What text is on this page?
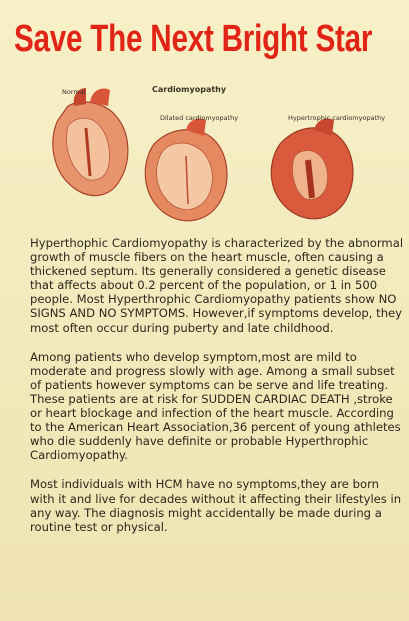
Save The Next Bright Star
Normal	Cardiomyopathy
Dilated cardiomyopathy	Hypertrophic cardiomyopathy

Hyperthophic Cardiomyopathy is characterized by the abnormal growth of muscle fibers on the heart muscle, often causing a thickened septum. Its generally considered a genetic disease that affects about 0.2 percent of the population, or 1 in 500 people. Most Hyperthrophic Cardiomyopathy patients show NO SIGNS AND NO SYMPTOMS. However,if symptoms develop, they most often occur during puberty and late childhood.

Among patients who develop symptom,most are mild to moderate and progress slowly with age. Among a small subset of patients however symptoms can be serve and life treating. These patients are at risk for SUDDEN CARDIAC DEATH ,stroke or heart blockage and infection of the heart muscle. According to the American Heart Association,36 percent of young athletes who die suddenly have definite or probable Hyperthrophic Cardiomyopathy.

Most individuals with HCM have no symptoms,they are born with it and live for decades without it affecting their lifestyles in any way. The diagnosis might accidentally be made during a routine test or physical.
